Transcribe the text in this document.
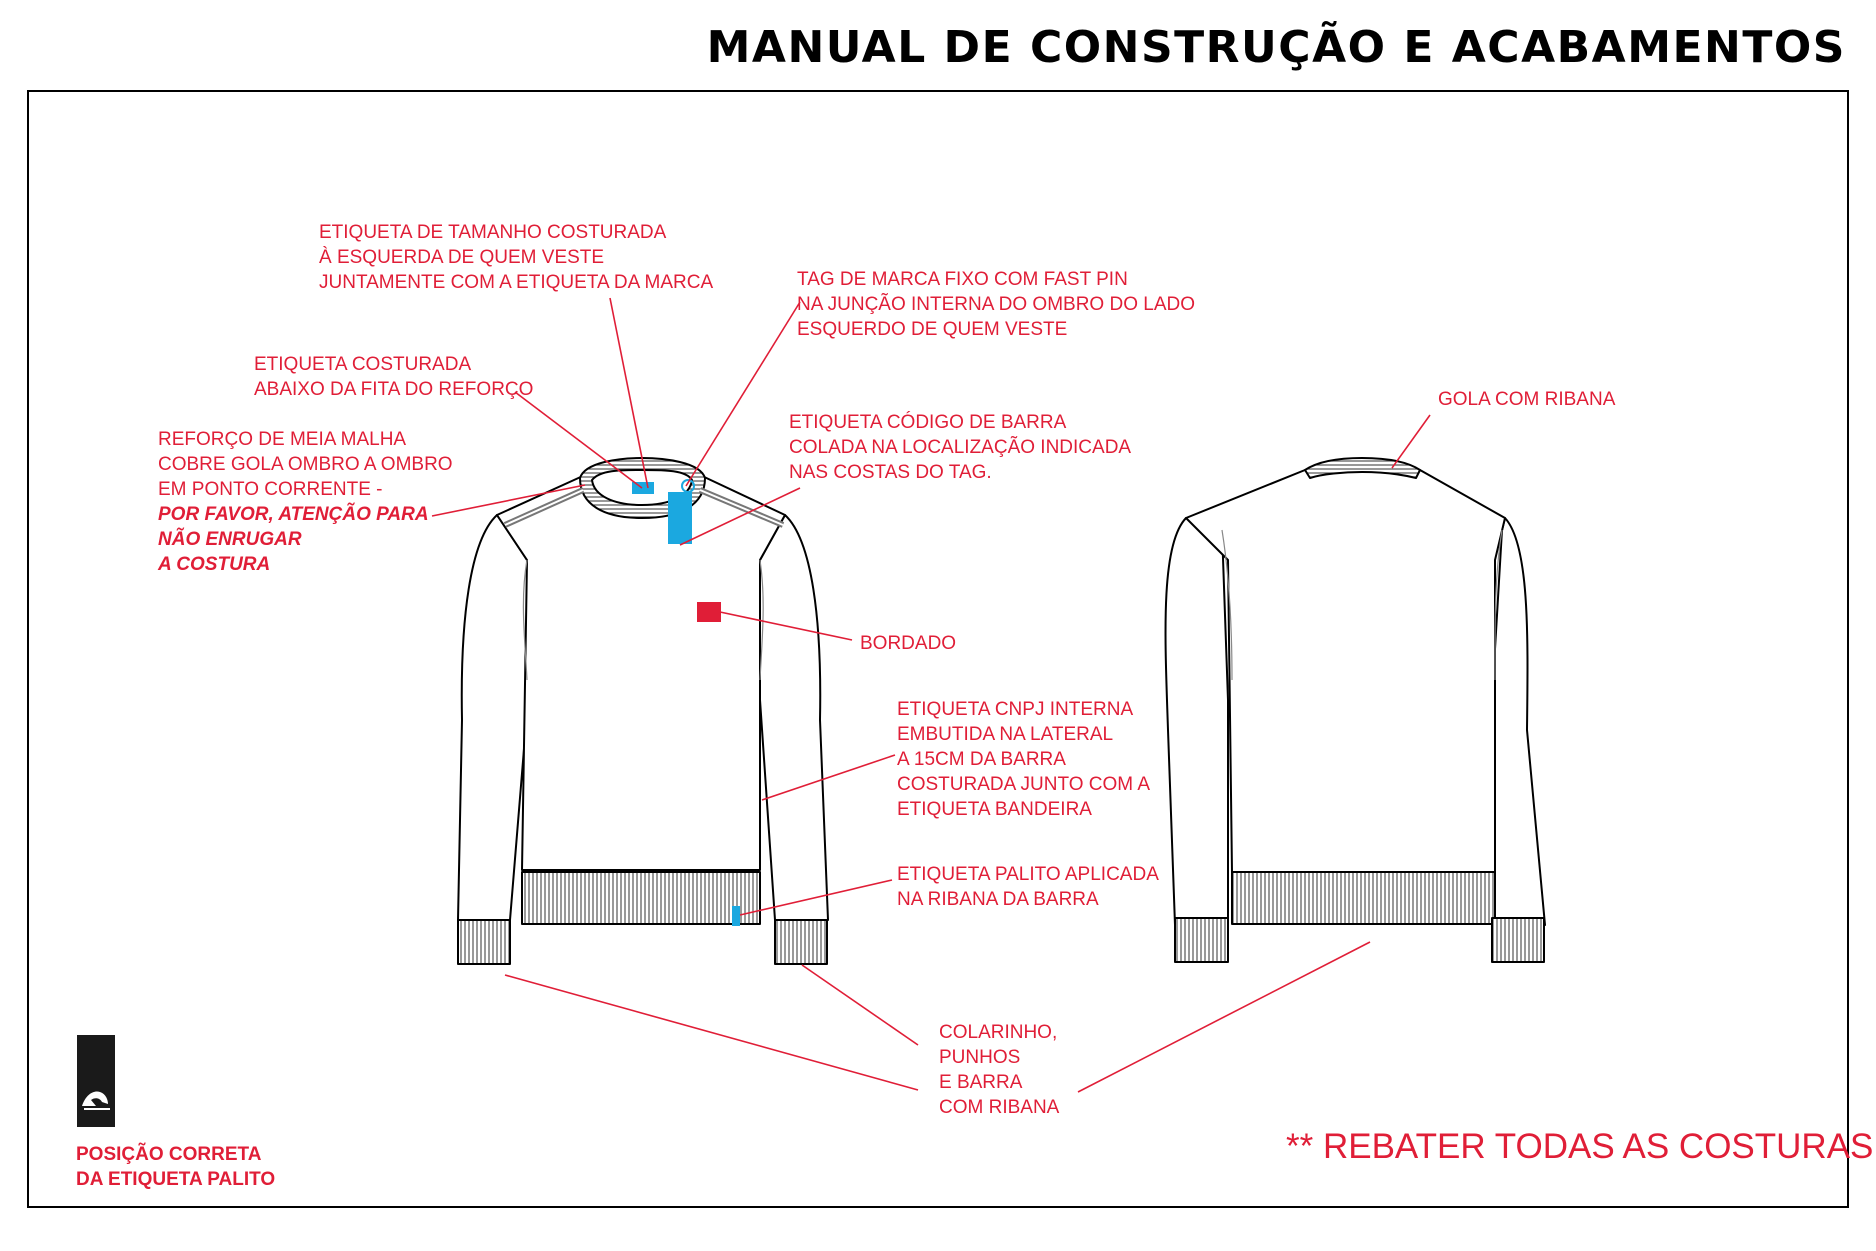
MANUAL DE CONSTRUÇÃO E ACABAMENTOS
ETIQUETA DE TAMANHO COSTURADA
À ESQUERDA DE QUEM VESTE
JUNTAMENTE COM A ETIQUETA DA MARCA	TAG DE MARCA FIXO COM FAST PIN
NA JUNÇÃO INTERNA DO OMBRO DO LADO
ESQUERDO DE QUEM VESTE
ETIQUETA COSTURADA
ABAIXO DA FITA DO REFORÇO
REFORÇO DE MEIA MALHA
COBRE GOLA OMBRO A OMBRO
EM PONTO CORRENTE -
POR FAVOR, ATENÇÃO PARA
NÃO ENRUGAR
A COSTURA
ETIQUETA CÓDIGO DE BARRA
COLADA NA LOCALIZAÇÃO INDICADA
NAS COSTAS DO TAG.
BORDADO
ETIQUETA CNPJ INTERNA
EMBUTIDA NA LATERAL
A 15CM DA BARRA
COSTURADA JUNTO COM A
ETIQUETA BANDEIRA
ETIQUETA PALITO APLICADA
NA RIBANA DA BARRA
GOLA COM RIBANA
COLARINHO,
PUNHOS
E BARRA
COM RIBANA
POSIÇÃO CORRETA
DA ETIQUETA PALITO
** REBATER TODAS AS COSTURAS
